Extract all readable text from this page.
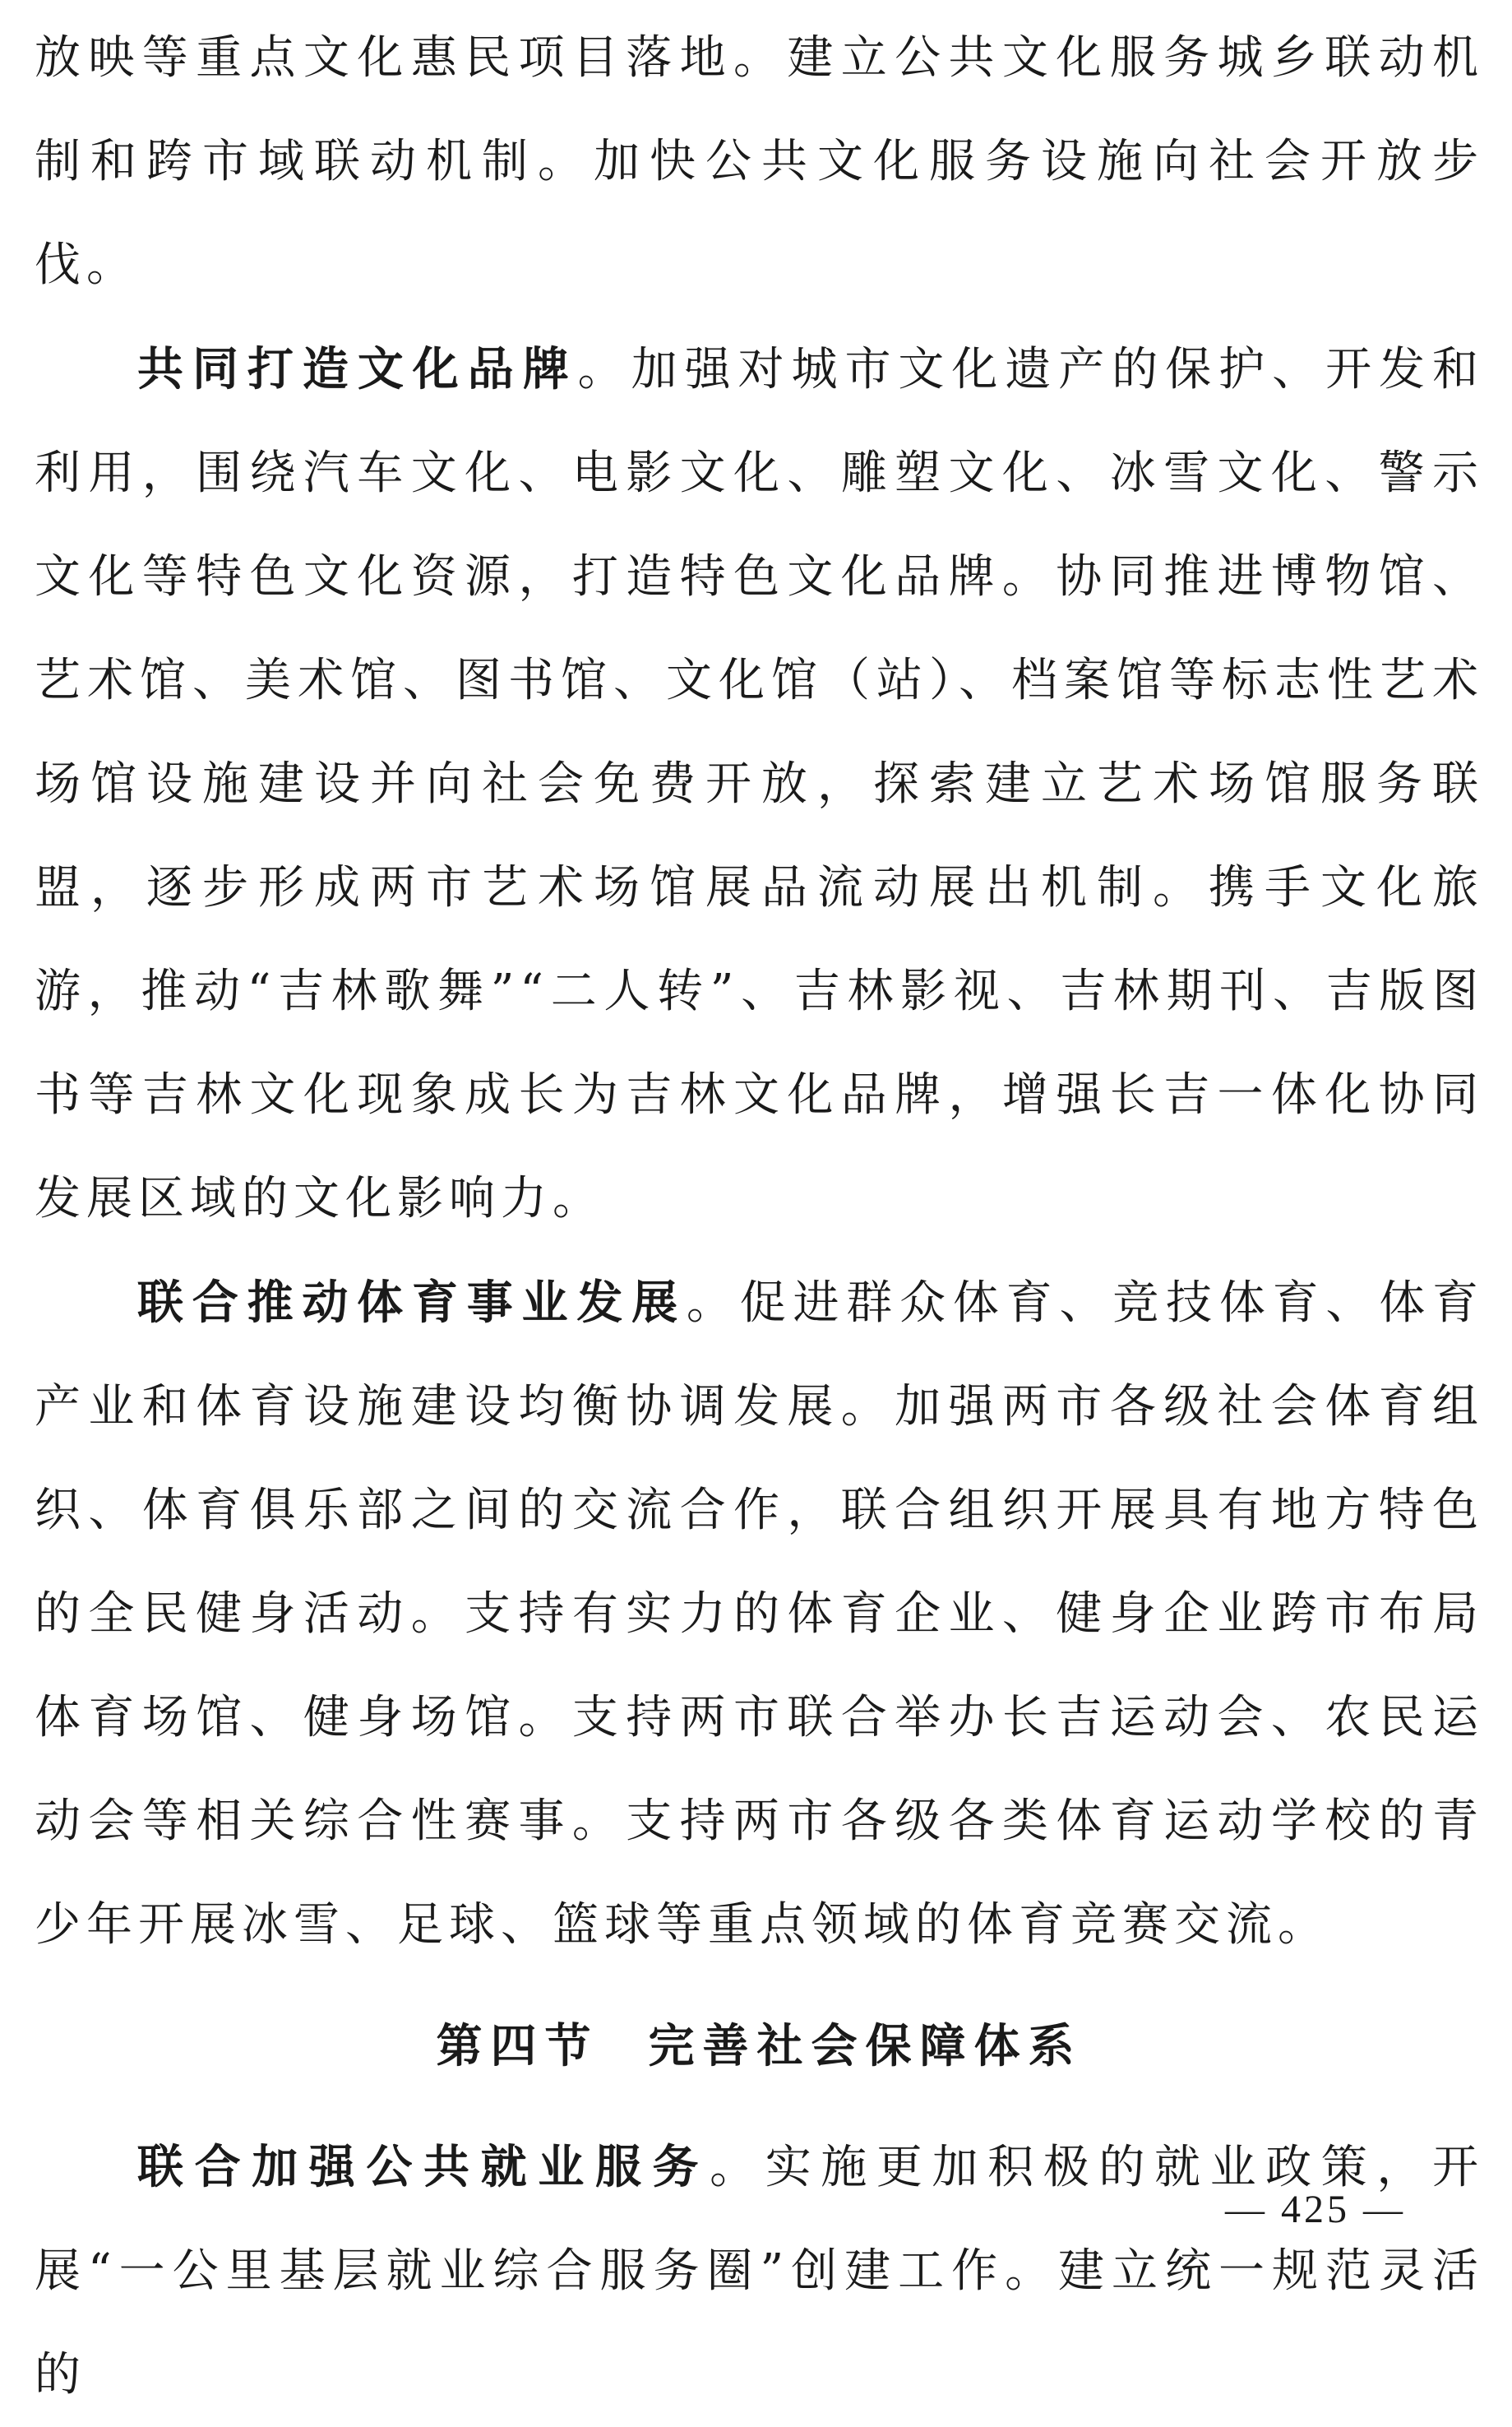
放映等重点文化惠民项目落地。建立公共文化服务城乡联动机制和跨市域联动机制。加快公共文化服务设施向社会开放步伐。

共同打造文化品牌。加强对城市文化遗产的保护、开发和利用，围绕汽车文化、电影文化、雕塑文化、冰雪文化、警示文化等特色文化资源，打造特色文化品牌。协同推进博物馆、艺术馆、美术馆、图书馆、文化馆（站）、档案馆等标志性艺术场馆设施建设并向社会免费开放，探索建立艺术场馆服务联盟，逐步形成两市艺术场馆展品流动展出机制。携手文化旅游，推动“吉林歌舞”“二人转”、吉林影视、吉林期刊、吉版图书等吉林文化现象成长为吉林文化品牌，增强长吉一体化协同发展区域的文化影响力。

联合推动体育事业发展。促进群众体育、竞技体育、体育产业和体育设施建设均衡协调发展。加强两市各级社会体育组织、体育俱乐部之间的交流合作，联合组织开展具有地方特色的全民健身活动。支持有实力的体育企业、健身企业跨市布局体育场馆、健身场馆。支持两市联合举办长吉运动会、农民运动会等相关综合性赛事。支持两市各级各类体育运动学校的青少年开展冰雪、足球、篮球等重点领域的体育竞赛交流。

第四节 完善社会保障体系

联合加强公共就业服务。实施更加积极的就业政策，开展“一公里基层就业综合服务圈”创建工作。建立统一规范灵活的

— 425 —
